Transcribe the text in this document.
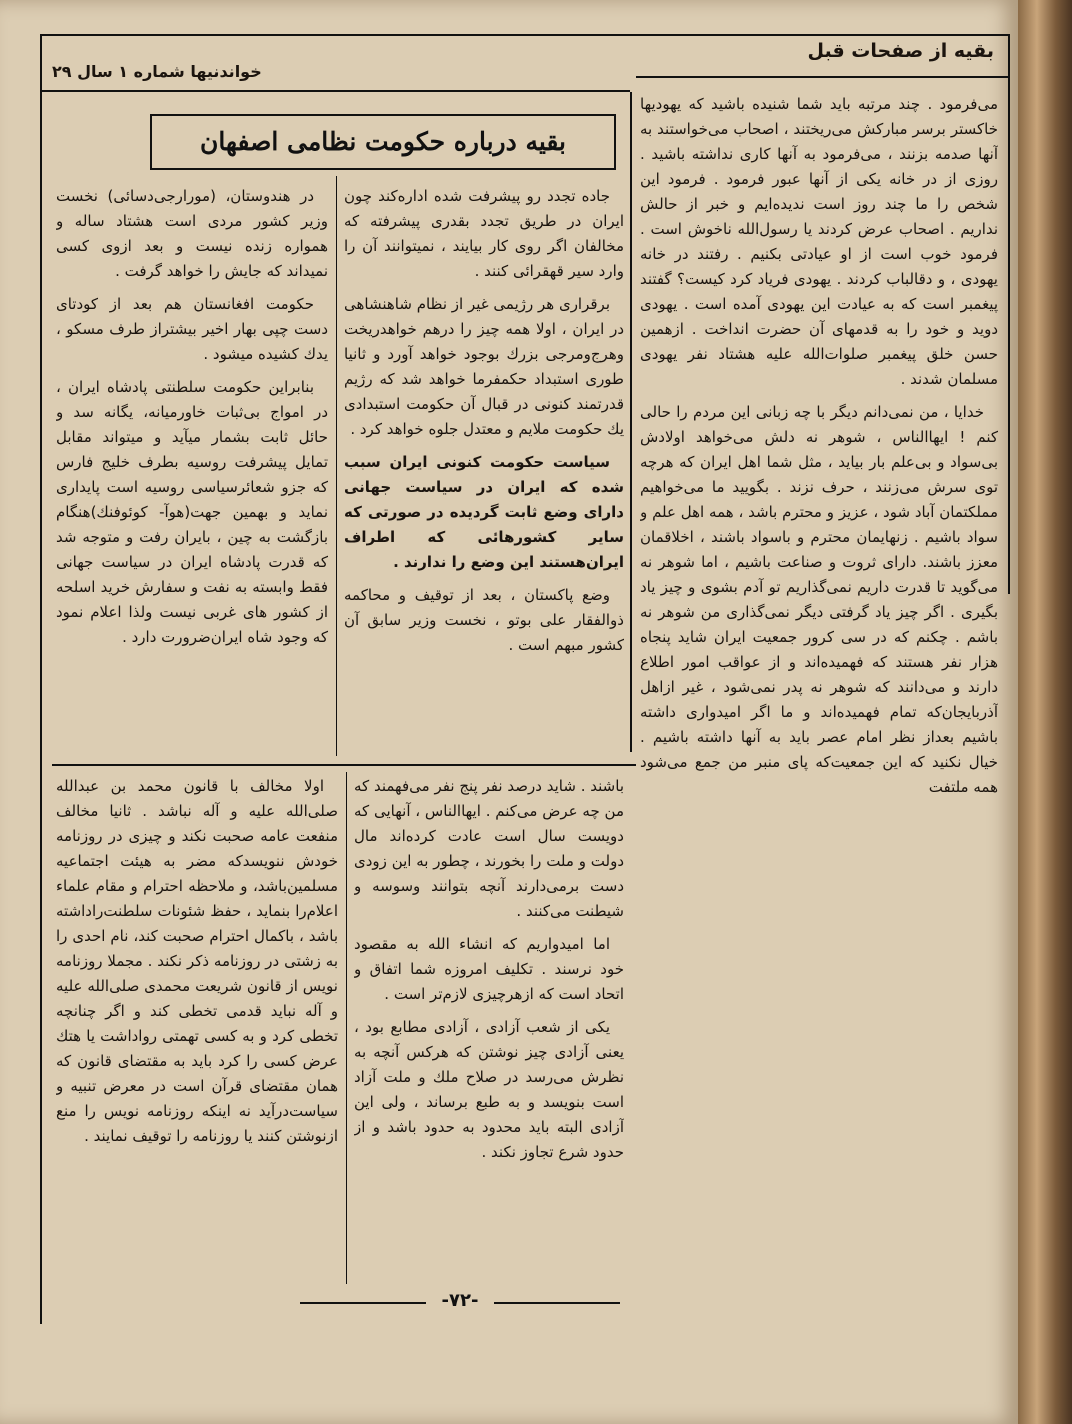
خواندنیها شماره ۱ سال ۲۹
بقیه از صفحات قبل
بقیه درباره حکومت نظامی اصفهان

جاده تجدد رو پیشرفت شده اداره‌کند چون ایران در طریق تجدد بقدری پیشرفته که مخالفان اگر روی کار بیایند ، نمیتوانند آن را وارد سیر قهقرائی کنند .

برقراری هر رژیمی غیر از نظام شاهنشاهی در ایران ، اولا همه چیز را درهم خواهدریخت وهرج‌ومرجی بزرك بوجود خواهد آورد و ثانیا طوری استبداد حکمفرما خواهد شد که رژیم قدرتمند کنونی در قبال آن حکومت استبدادی یك حکومت ملایم و معتدل جلوه خواهد کرد .

سیاست حکومت کنونی ایران سبب شده که ایران در سیاست جهانی دارای وضع ثابت گردیده در صورتی که سایر کشورهائی که اطراف ایران‌هستند این وضع را ندارند .

وضع پاکستان ، بعد از توقیف و محاکمه ذوالفقار علی بوتو ، نخست وزیر سابق آن کشور مبهم است .

در هندوستان، (مورارجی‌دسائی) نخست وزیر کشور مردی است هشتاد ساله و همواره زنده نیست و بعد ازوی کسی نمیداند که جایش را خواهد گرفت .

حکومت افغانستان هم بعد از کودتای دست چپی بهار اخیر بیشتراز طرف مسکو ، یدك کشیده میشود .

بنابراین حکومت سلطنتی پادشاه ایران ، در امواج بی‌ثبات خاورمیانه، یگانه سد و حائل ثابت بشمار میآید و میتواند مقابل تمایل پیشرفت روسیه بطرف خلیج فارس که جزو شعائرسیاسی روسیه است پایداری نماید و بهمین جهت(هوآ- کوئوفنك)هنگام بازگشت به چین ، بایران رفت و متوجه شد که قدرت پادشاه ایران در سیاست جهانی فقط وابسته به نفت و سفارش خرید اسلحه از کشور های غربی نیست ولذا اعلام نمود که وجود شاه ایران‌ضرورت دارد .

می‌فرمود . چند مرتبه باید شما شنیده باشید که یهودیها خاکستر برسر مبارکش می‌ریختند ، اصحاب می‌خواستند به آنها صدمه بزنند ، می‌فرمود به آنها کاری نداشته باشید . روزی از در خانه یکی از آنها عبور فرمود . فرمود این شخص را ما چند روز است ندیده‌ایم و خبر از حالش نداریم . اصحاب عرض کردند یا رسول‌الله ناخوش است . فرمود خوب است از او عیادتی بکنیم . رفتند در خانه یهودی ، و دقالباب کردند . یهودی فریاد کرد کیست؟ گفتند پیغمبر است که به عیادت این یهودی آمده است . یهودی دوید و خود را به قدمهای آن حضرت انداخت . ازهمین حسن خلق پیغمبر صلوات‌الله علیه هشتاد نفر یهودی مسلمان شدند .

خدایا ، من نمی‌دانم دیگر با چه زبانی این مردم را حالی کنم ! ایهاالناس ، شوهر نه دلش می‌خواهد اولادش بی‌سواد و بی‌علم بار بیاید ، مثل شما اهل ایران که هرچه توی سرش می‌زنند ، حرف نزند . بگویید ما می‌خواهیم مملکتمان آباد شود ، عزیز و محترم باشد ، همه اهل علم و سواد باشیم . زنهایمان محترم و باسواد باشند ، اخلاقمان معزز باشند. دارای ثروت و صناعت باشیم ، اما شوهر نه می‌گوید تا قدرت داریم نمی‌گذاریم تو آدم بشوی و چیز یاد بگیری . اگر چیز یاد گرفتی دیگر نمی‌گذاری من شوهر نه باشم . چکنم که در سی کرور جمعیت ایران شاید پنجاه هزار نفر هستند که فهمیده‌اند و از عواقب امور اطلاع دارند و می‌دانند که شوهر نه پدر نمی‌شود ، غیر ازاهل آذربایجان‌که تمام فهمیده‌اند و ما اگر امیدواری داشته باشیم بعداز نظر امام عصر باید به آنها داشته باشیم . خیال نکنید که این جمعیت‌که پای منبر من جمع می‌شود همه ملتفت

باشند . شاید درصد نفر پنج نفر می‌فهمند که من چه عرض می‌کنم . ایهاالناس ، آنهایی که دویست سال است عادت کرده‌اند مال دولت و ملت را بخورند ، چطور به این زودی دست برمی‌دارند آنچه بتوانند وسوسه و شیطنت می‌کنند .

اما امیدواریم که انشاء الله به مقصود خود نرسند . تکلیف امروزه شما اتفاق و اتحاد است که ازهرچیزی لازم‌تر است .

یکی از شعب آزادی ، آزادی مطابع بود ، یعنی آزادی چیز نوشتن که هرکس آنچه به نظرش می‌رسد در صلاح ملك و ملت آزاد است بنویسد و به طبع برساند ، ولی این آزادی البته باید محدود به حدود باشد و از حدود شرع تجاوز نکند .

اولا مخالف با قانون محمد بن عبدالله صلی‌الله علیه و آله نباشد . ثانیا مخالف منفعت عامه صحبت نکند و چیزی در روزنامه خودش ننویسدکه مضر به هیئت اجتماعیه مسلمین‌باشد، و ملاحظه احترام و مقام علماء اعلام‌را بنماید ، حفظ شئونات سلطنت‌راداشته باشد ، باکمال احترام صحبت کند، نام احدی را به زشتی در روزنامه ذکر نکند . مجملا روزنامه نویس از قانون شریعت محمدی صلی‌الله علیه و آله نباید قدمی تخطی کند و اگر چنانچه تخطی کرد و به کسی تهمتی رواداشت یا هتك عرض کسی را کرد باید به مقتضای قانون که همان مقتضای قرآن است در معرض تنبیه و سیاست‌درآید نه اینکه روزنامه نویس را منع ازنوشتن کنند یا روزنامه را توقیف نمایند .

-۷۲-
